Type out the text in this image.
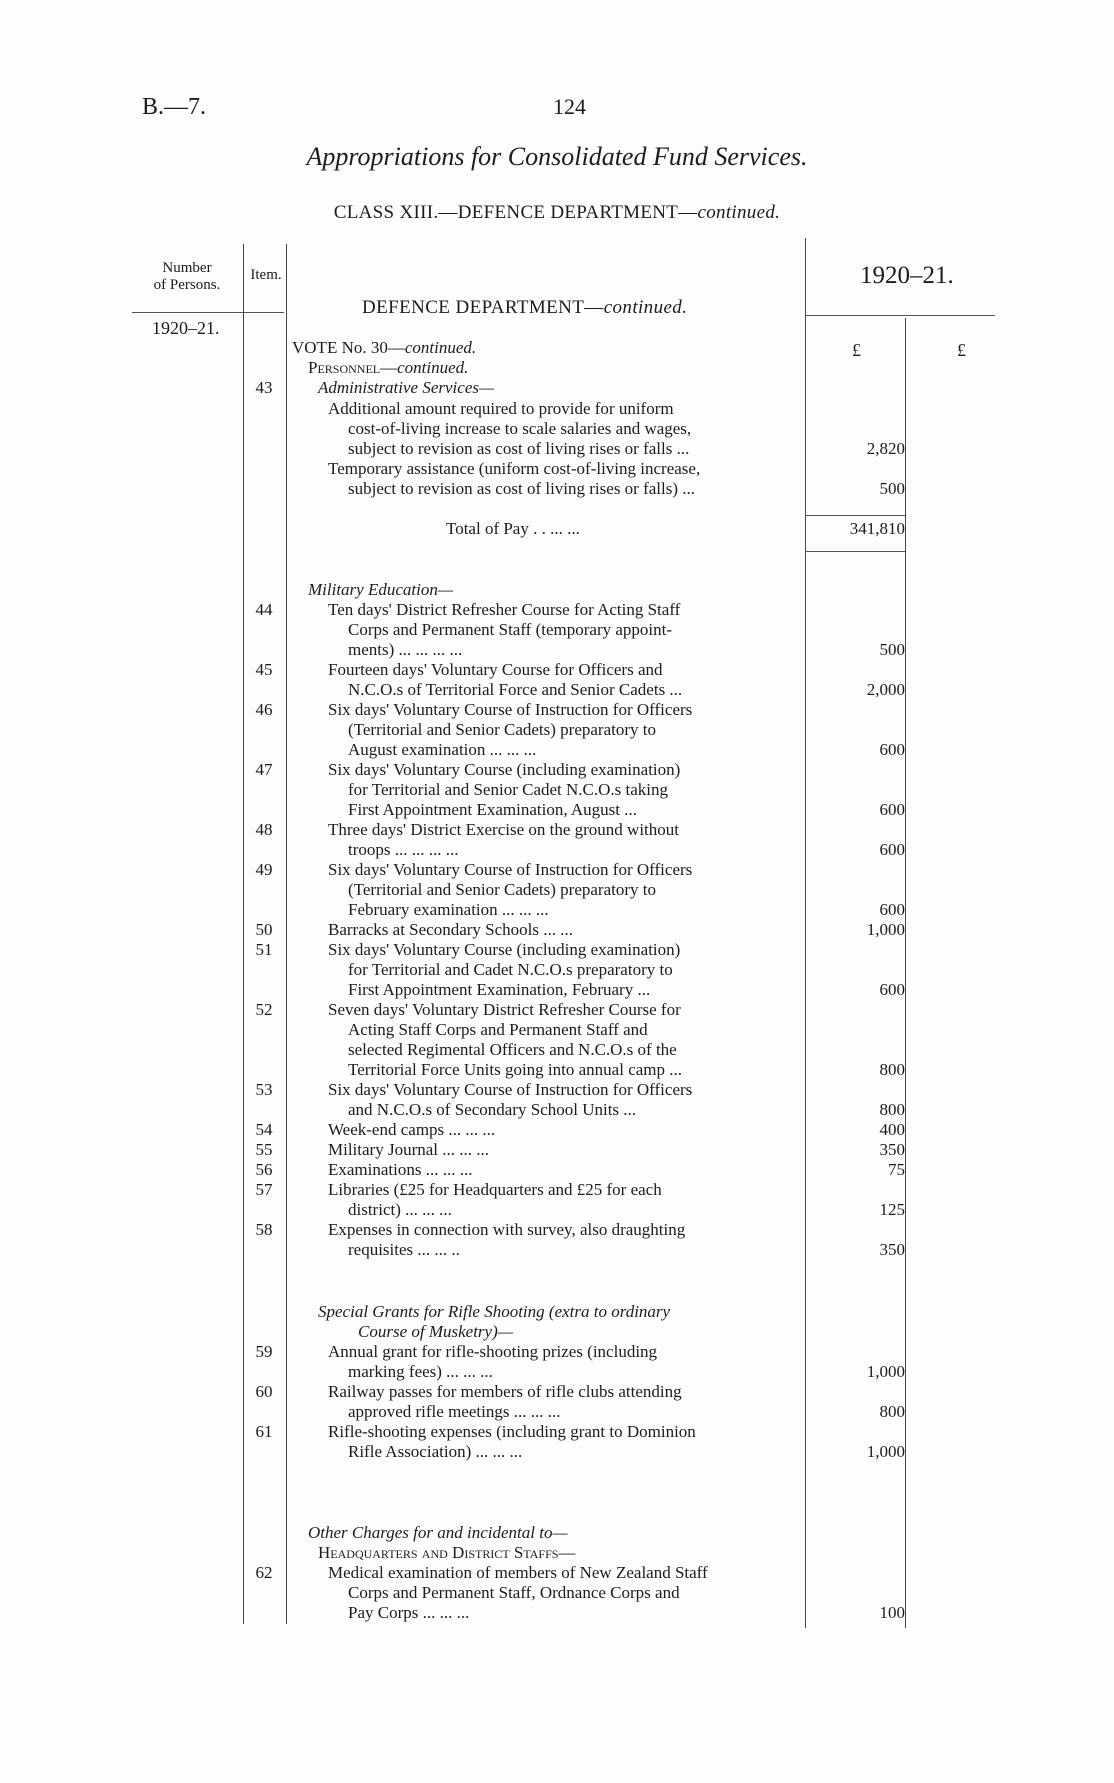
B.—7.	124
Appropriations for Consolidated Fund Services.
CLASS XIII.—DEFENCE DEPARTMENT—continued.
Number
of Persons.
Item.	1920–21.
1920–21.
DEFENCE DEPARTMENT—continued.
£	£
VOTE No. 30—continued.
Personnel—continued.
43	Administrative Services—
Additional amount required to provide for uniform
cost-of-living increase to scale salaries and wages,
subject to revision as cost of living rises or falls ...	2,820
Temporary assistance (uniform cost-of-living increase,
subject to revision as cost of living rises or falls) ...	500
Total of Pay . . ... ...	341,810
Military Education—
44	Ten days' District Refresher Course for Acting Staff
Corps and Permanent Staff (temporary appoint-
ments) ... ... ... ...	500
45	Fourteen days' Voluntary Course for Officers and
N.C.O.s of Territorial Force and Senior Cadets ...	2,000
46	Six days' Voluntary Course of Instruction for Officers
(Territorial and Senior Cadets) preparatory to
August examination ... ... ...	600
47	Six days' Voluntary Course (including examination)
for Territorial and Senior Cadet N.C.O.s taking
First Appointment Examination, August ...	600
48	Three days' District Exercise on the ground without
troops ... ... ... ...	600
49	Six days' Voluntary Course of Instruction for Officers
(Territorial and Senior Cadets) preparatory to
February examination ... ... ...	600
50	Barracks at Secondary Schools ... ...	1,000
51	Six days' Voluntary Course (including examination)
for Territorial and Cadet N.C.O.s preparatory to
First Appointment Examination, February ...	600
52	Seven days' Voluntary District Refresher Course for
Acting Staff Corps and Permanent Staff and
selected Regimental Officers and N.C.O.s of the
Territorial Force Units going into annual camp ...	800
53	Six days' Voluntary Course of Instruction for Officers
and N.C.O.s of Secondary School Units ...	800
54	Week-end camps ... ... ...	400
55	Military Journal ... ... ...	350
56	Examinations ... ... ...	75
57	Libraries (£25 for Headquarters and £25 for each
district) ... ... ...	125
58	Expenses in connection with survey, also draughting
requisites ... ... ..	350
Special Grants for Rifle Shooting (extra to ordinary
Course of Musketry)—
59	Annual grant for rifle-shooting prizes (including
marking fees) ... ... ...	1,000
60	Railway passes for members of rifle clubs attending
approved rifle meetings ... ... ...	800
61	Rifle-shooting expenses (including grant to Dominion
Rifle Association) ... ... ...	1,000
Other Charges for and incidental to—
Headquarters and District Staffs—
62	Medical examination of members of New Zealand Staff
Corps and Permanent Staff, Ordnance Corps and
Pay Corps ... ... ...	100
